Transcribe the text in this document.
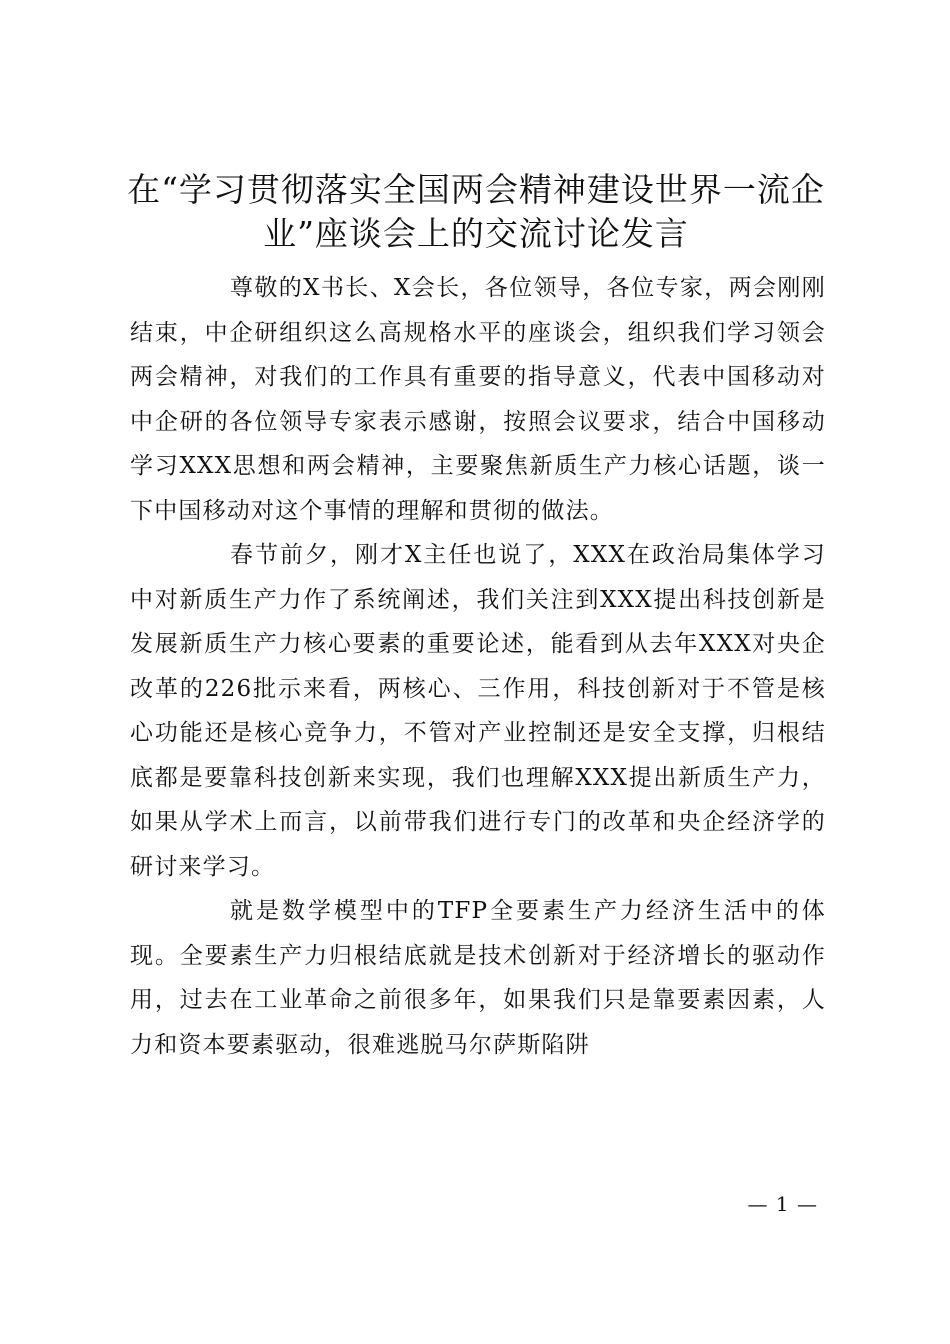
在“学习贯彻落实全国两会精神建设世界一流企业”座谈会上的交流讨论发言

尊敬的X书长、X会长，各位领导，各位专家，两会刚刚结束，中企研组织这么高规格水平的座谈会，组织我们学习领会两会精神，对我们的工作具有重要的指导意义，代表中国移动对中企研的各位领导专家表示感谢，按照会议要求，结合中国移动学习XXX思想和两会精神，主要聚焦新质生产力核心话题，谈一下中国移动对这个事情的理解和贯彻的做法。

春节前夕，刚才X主任也说了，XXX在政治局集体学习中对新质生产力作了系统阐述，我们关注到XXX提出科技创新是发展新质生产力核心要素的重要论述，能看到从去年XXX对央企改革的226批示来看，两核心、三作用，科技创新对于不管是核心功能还是核心竞争力，不管对产业控制还是安全支撑，归根结底都是要靠科技创新来实现，我们也理解XXX提出新质生产力，如果从学术上而言，以前带我们进行专门的改革和央企经济学的研讨来学习。

就是数学模型中的TFP全要素生产力经济生活中的体现。全要素生产力归根结底就是技术创新对于经济增长的驱动作用，过去在工业革命之前很多年，如果我们只是靠要素因素，人力和资本要素驱动，很难逃脱马尔萨斯陷阱

— 1 —
